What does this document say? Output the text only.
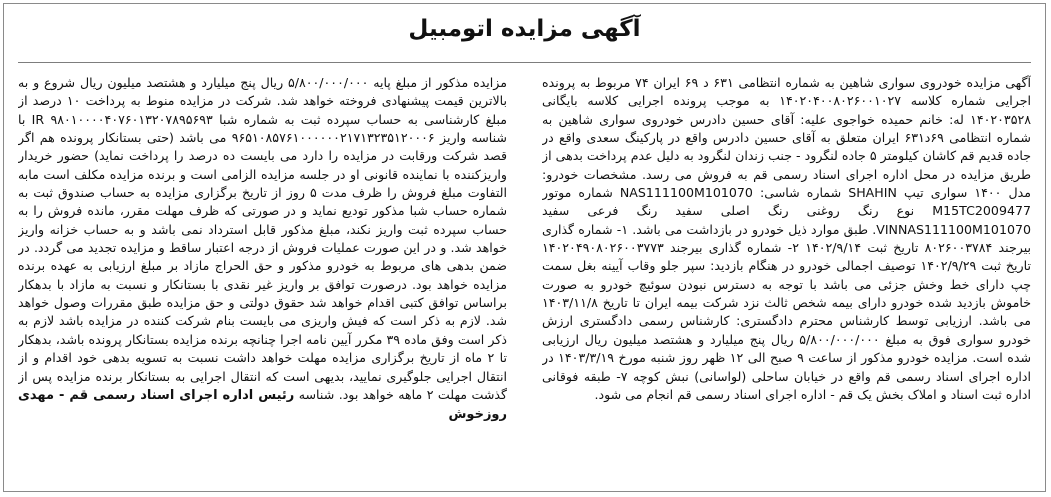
آگهی مزایده اتومبیل

آگهی مزایده خودروی سواری شاهین به شماره انتظامی ۶۳۱ د ۶۹ ایران ۷۴ مربوط به پرونده اجرایی شماره کلاسه ۱۴۰۲۰۴۰۰۸۰۲۶۰۰۱۰۲۷ به موجب پرونده اجرایی کلاسه بایگانی ۱۴۰۲۰۳۵۲۸ له: خانم حمیده خواجوی علیه: آقای حسین دادرس خودروی سواری شاهین به شماره انتظامی ۶۹د۶۳۱ ایران متعلق به آقای حسین دادرس واقع در پارکینگ سعدی واقع در جاده قدیم قم کاشان کیلومتر ۵ جاده لنگرود - جنب زندان لنگرود به دلیل عدم پرداخت بدهی از طریق مزایده در محل اداره اجرای اسناد رسمی قم به فروش می رسد. مشخصات خودرو: مدل ۱۴۰۰ سواری تیپ SHAHIN شماره شاسی: NAS111100M101070 شماره موتور M15TC2009477 نوع رنگ روغنی رنگ اصلی سفید رنگ فرعی سفید VINNAS111100M101070. طبق موارد ذیل خودرو در بازداشت می باشد. ۱- شماره گذاری بیرجند ۸۰۲۶۰۰۳۷۸۴ تاریخ ثبت ۱۴۰۲/۹/۱۴ ۲- شماره گذاری بیرجند ۱۴۰۲۰۴۹۰۸۰۲۶۰۰۳۷۷۳ تاریخ ثبت ۱۴۰۲/۹/۲۹ توصیف اجمالی خودرو در هنگام بازدید: سپر جلو وقاب آیینه بغل سمت چپ دارای خط وخش جزئی می باشد با توجه به دسترس نبودن سوئیچ خودرو به صورت خاموش بازدید شده خودرو دارای بیمه شخص ثالث نزد شرکت بیمه ایران تا تاریخ ۱۴۰۳/۱۱/۸ می باشد. ارزیابی توسط کارشناس محترم دادگستری: کارشناس رسمی دادگستری ارزش خودرو سواری فوق به مبلغ ۵/۸۰۰/۰۰۰/۰۰۰ ریال پنج میلیارد و هشتصد میلیون ریال ارزیابی شده است. مزایده خودرو مذکور از ساعت ۹ صبح الی ۱۲ ظهر روز شنبه مورخ ۱۴۰۳/۳/۱۹ در اداره اجرای اسناد رسمی قم واقع در خیابان ساحلی (لواسانی) نبش کوچه ۷- طبقه فوقانی اداره ثبت اسناد و املاک بخش یک قم - اداره اجرای اسناد رسمی قم انجام می شود.

مزایده مذکور از مبلغ پایه ۵/۸۰۰/۰۰۰/۰۰۰ ریال پنج میلیارد و هشتصد میلیون ریال شروع و به بالاترین قیمت پیشنهادی فروخته خواهد شد. شرکت در مزایده منوط به پرداخت ۱۰ درصد از مبلغ کارشناسی به حساب سپرده ثبت به شماره شبا ۹۸۰۱۰۰۰۰۴۰۷۶۰۱۳۲۰۷۸۹۵۶۹۳ IR با شناسه واریز ۹۶۵۱۰۸۵۷۶۱۰۰۰۰۰۰۲۱۷۱۳۲۳۵۱۲۰۰۰۶ می باشد (حتی بستانکار پرونده هم اگر قصد شرکت ورقابت در مزایده را دارد می بایست ده درصد را پرداخت نماید) حضور خریدار واریزکننده با نماینده قانونی او در جلسه مزایده الزامی است و برنده مزایده مکلف است مابه التفاوت مبلغ فروش را ظرف مدت ۵ روز از تاریخ برگزاری مزایده به حساب صندوق ثبت به شماره حساب شبا مذکور تودیع نماید و در صورتی که ظرف مهلت مقرر، مانده فروش را به حساب سپرده ثبت واریز نکند، مبلغ مذکور قابل استرداد نمی باشد و به حساب خزانه واریز خواهد شد. و در این صورت عملیات فروش از درجه اعتبار ساقط و مزایده تجدید می گردد. در ضمن بدهی های مربوط به خودرو مذکور و حق الحراج مازاد بر مبلغ ارزیابی به عهده برنده مزایده خواهد بود. درصورت توافق بر واریز غیر نقدی با بستانکار و نسبت به مازاد با بدهکار براساس توافق کتبی اقدام خواهد شد حقوق دولتی و حق مزایده طبق مقررات وصول خواهد شد. لازم به ذکر است که فیش واریزی می بایست بنام شرکت کننده در مزایده باشد لازم به ذکر است وفق ماده ۳۹ مکرر آیین نامه اجرا چنانچه برنده مزایده بستانکار پرونده باشد، بدهکار تا ۲ ماه از تاریخ برگزاری مزایده مهلت خواهد داشت نسبت به تسویه بدهی خود اقدام و از انتقال اجرایی جلوگیری نمایید، بدیهی است که انتقال اجرایی به بستانکار برنده مزایده پس از گذشت مهلت ۲ ماهه خواهد بود. شناسه رئیس اداره اجرای اسناد رسمی قم - مهدی روزخوش
